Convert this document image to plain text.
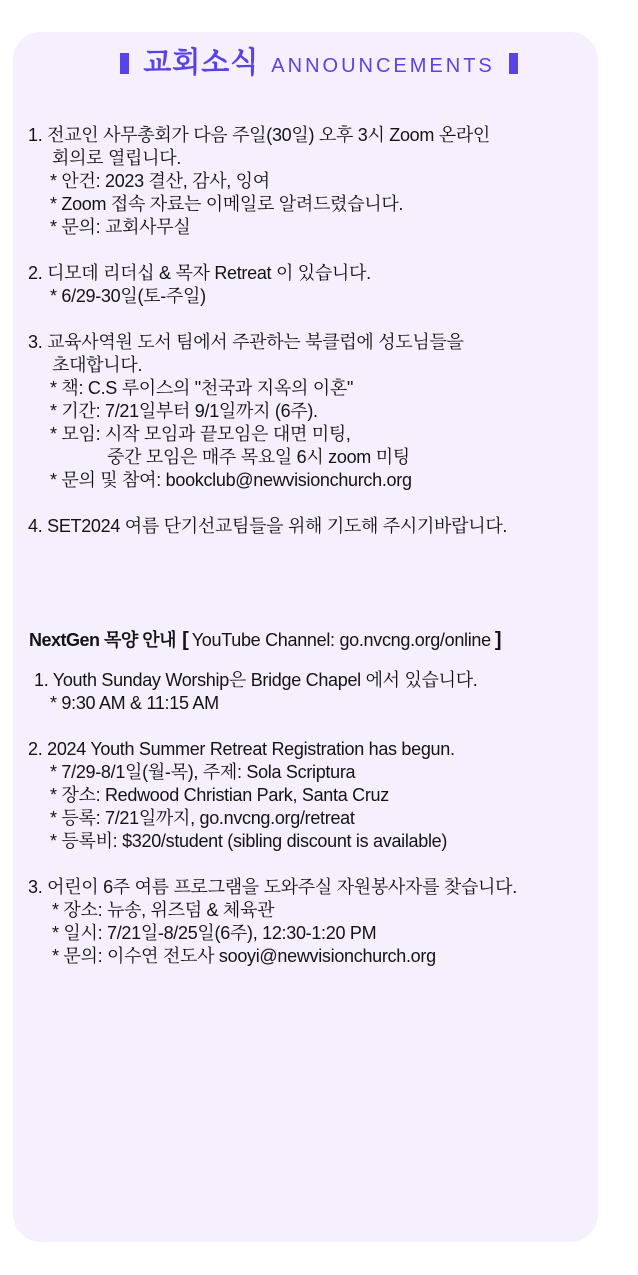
교회소식 ANNOUNCEMENTS
1. 전교인 사무총회가 다음 주일(30일) 오후 3시 Zoom 온라인
회의로 열립니다.
* 안건: 2023 결산, 감사, 잉여
* Zoom 접속 자료는 이메일로 알려드렸습니다.
* 문의: 교회사무실
2. 디모데 리더십 & 목자 Retreat 이 있습니다.
* 6/29-30일(토-주일)
3. 교육사역원 도서 팀에서 주관하는 북클럽에 성도님들을
초대합니다.
* 책: C.S 루이스의 "천국과 지옥의 이혼"
* 기간: 7/21일부터 9/1일까지 (6주).
* 모임: 시작 모임과 끝모임은 대면 미팅,
중간 모임은 매주 목요일 6시 zoom 미팅
* 문의 및 참여: bookclub@newvisionchurch.org
4. SET2024 여름 단기선교팀들을 위해 기도해 주시기바랍니다.
NextGen 목양 안내 [ YouTube Channel: go.nvcng.org/online ]
1. Youth Sunday Worship은 Bridge Chapel 에서 있습니다.
* 9:30 AM & 11:15 AM
2. 2024 Youth Summer Retreat Registration has begun.
* 7/29-8/1일(월-목), 주제: Sola Scriptura
* 장소: Redwood Christian Park, Santa Cruz
* 등록: 7/21일까지, go.nvcng.org/retreat
* 등록비: $320/student (sibling discount is available)
3. 어린이 6주 여름 프로그램을 도와주실 자원봉사자를 찾습니다.
* 장소: 뉴송, 위즈덤 & 체육관
* 일시: 7/21일-8/25일(6주), 12:30-1:20 PM
* 문의: 이수연 전도사 sooyi@newvisionchurch.org
